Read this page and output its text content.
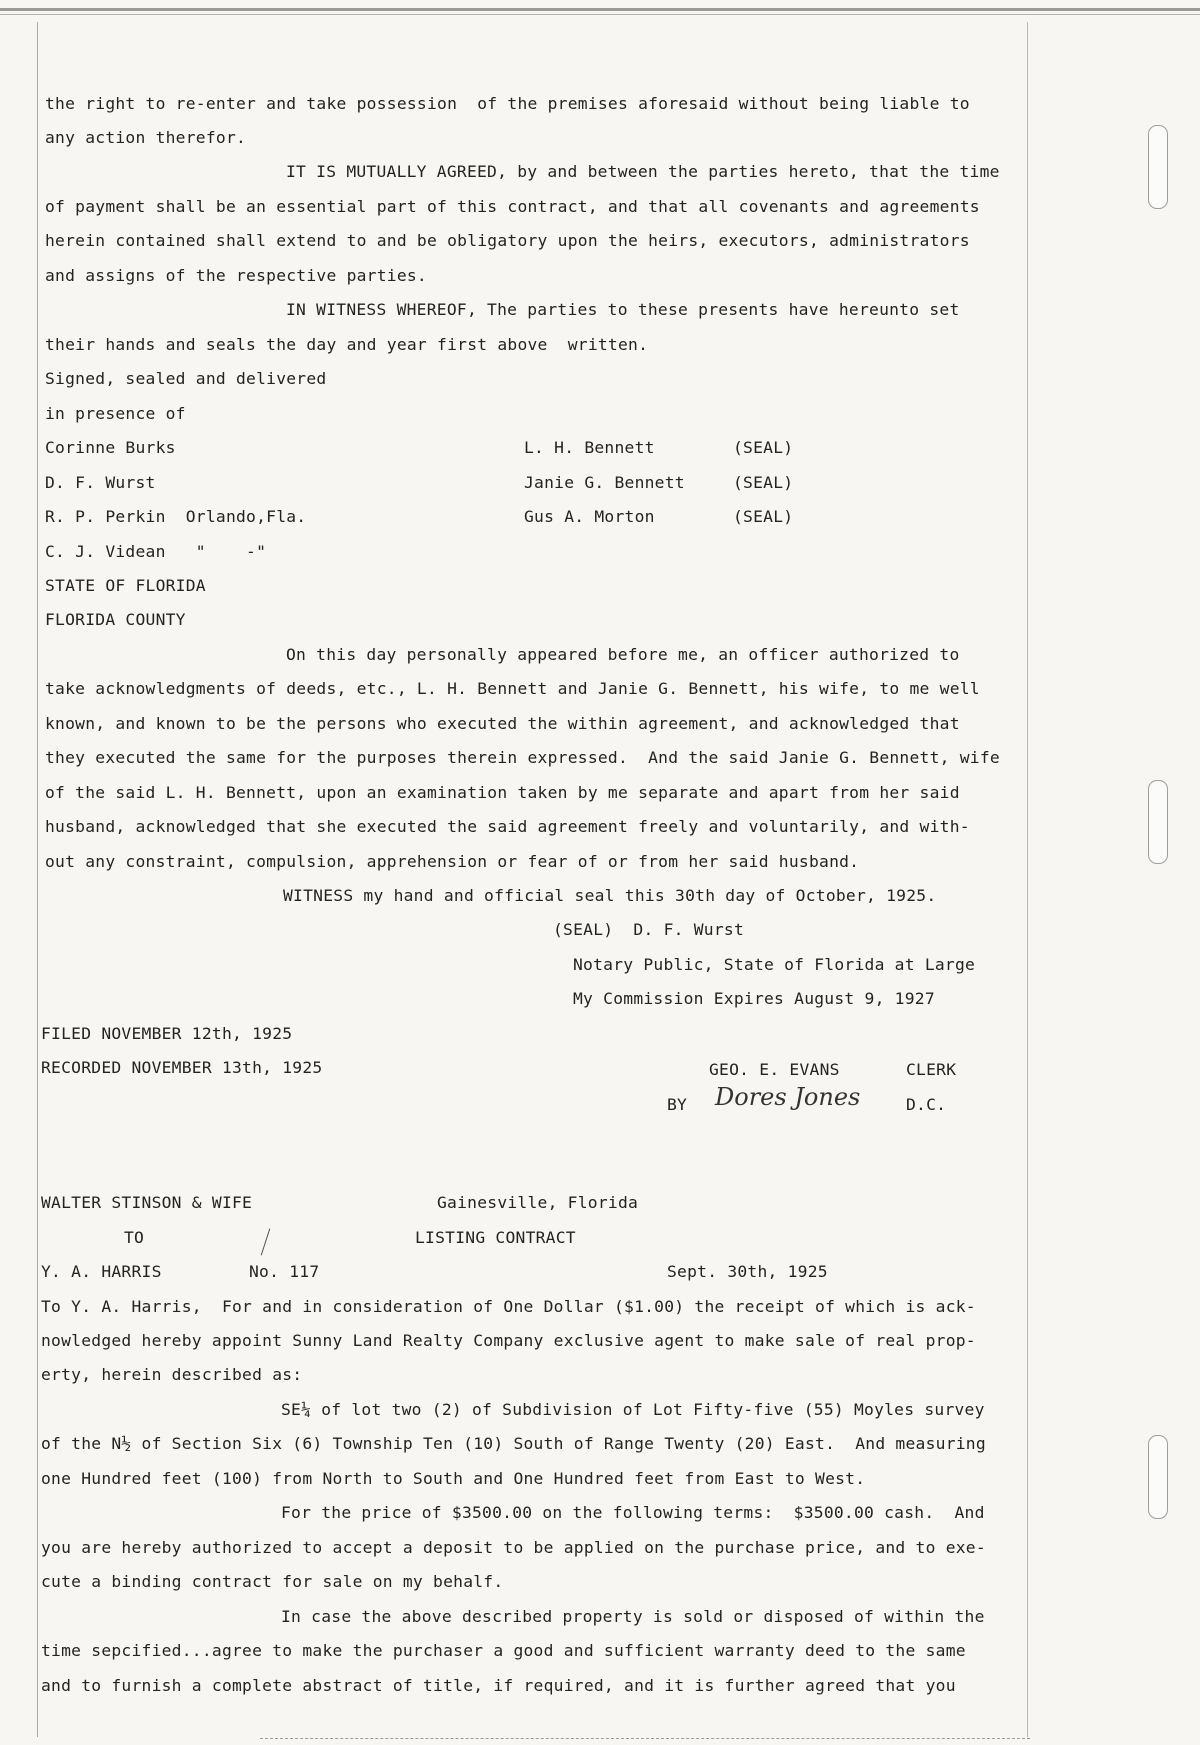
the right to re-enter and take possession  of the premises aforesaid without being liable to
any action therefor.
IT IS MUTUALLY AGREED, by and between the parties hereto, that the time
of payment shall be an essential part of this contract, and that all covenants and agreements
herein contained shall extend to and be obligatory upon the heirs, executors, administrators
and assigns of the respective parties.
IN WITNESS WHEREOF, The parties to these presents have hereunto set
their hands and seals the day and year first above  written.
Signed, sealed and delivered
in presence of
Corinne Burks	L. H. Bennett	(SEAL)
D. F. Wurst	Janie G. Bennett	(SEAL)
R. P. Perkin  Orlando,Fla.	Gus A. Morton	(SEAL)
C. J. Videan   "    -"
STATE OF FLORIDA
FLORIDA COUNTY
On this day personally appeared before me, an officer authorized to
take acknowledgments of deeds, etc., L. H. Bennett and Janie G. Bennett, his wife, to me well
known, and known to be the persons who executed the within agreement, and acknowledged that
they executed the same for the purposes therein expressed.  And the said Janie G. Bennett, wife
of the said L. H. Bennett, upon an examination taken by me separate and apart from her said
husband, acknowledged that she executed the said agreement freely and voluntarily, and with-
out any constraint, compulsion, apprehension or fear of or from her said husband.
WITNESS my hand and official seal this 30th day of October, 1925.
(SEAL)  D. F. Wurst
Notary Public, State of Florida at Large
My Commission Expires August 9, 1927
FILED NOVEMBER 12th, 1925
RECORDED NOVEMBER 13th, 1925	GEO. E. EVANS	CLERK
BY Dores Jones	D.C.
WALTER STINSON & WIFE	Gainesville, Florida
TO	LISTING CONTRACT
Y. A. HARRIS	No. 117	Sept. 30th, 1925
To Y. A. Harris,  For and in consideration of One Dollar ($1.00) the receipt of which is ack-
nowledged hereby appoint Sunny Land Realty Company exclusive agent to make sale of real prop-
erty, herein described as:
SE¼ of lot two (2) of Subdivision of Lot Fifty-five (55) Moyles survey
of the N½ of Section Six (6) Township Ten (10) South of Range Twenty (20) East.  And measuring
one Hundred feet (100) from North to South and One Hundred feet from East to West.
For the price of $3500.00 on the following terms:  $3500.00 cash.  And
you are hereby authorized to accept a deposit to be applied on the purchase price, and to exe-
cute a binding contract for sale on my behalf.
In case the above described property is sold or disposed of within the
time sepcified...agree to make the purchaser a good and sufficient warranty deed to the same
and to furnish a complete abstract of title, if required, and it is further agreed that you
